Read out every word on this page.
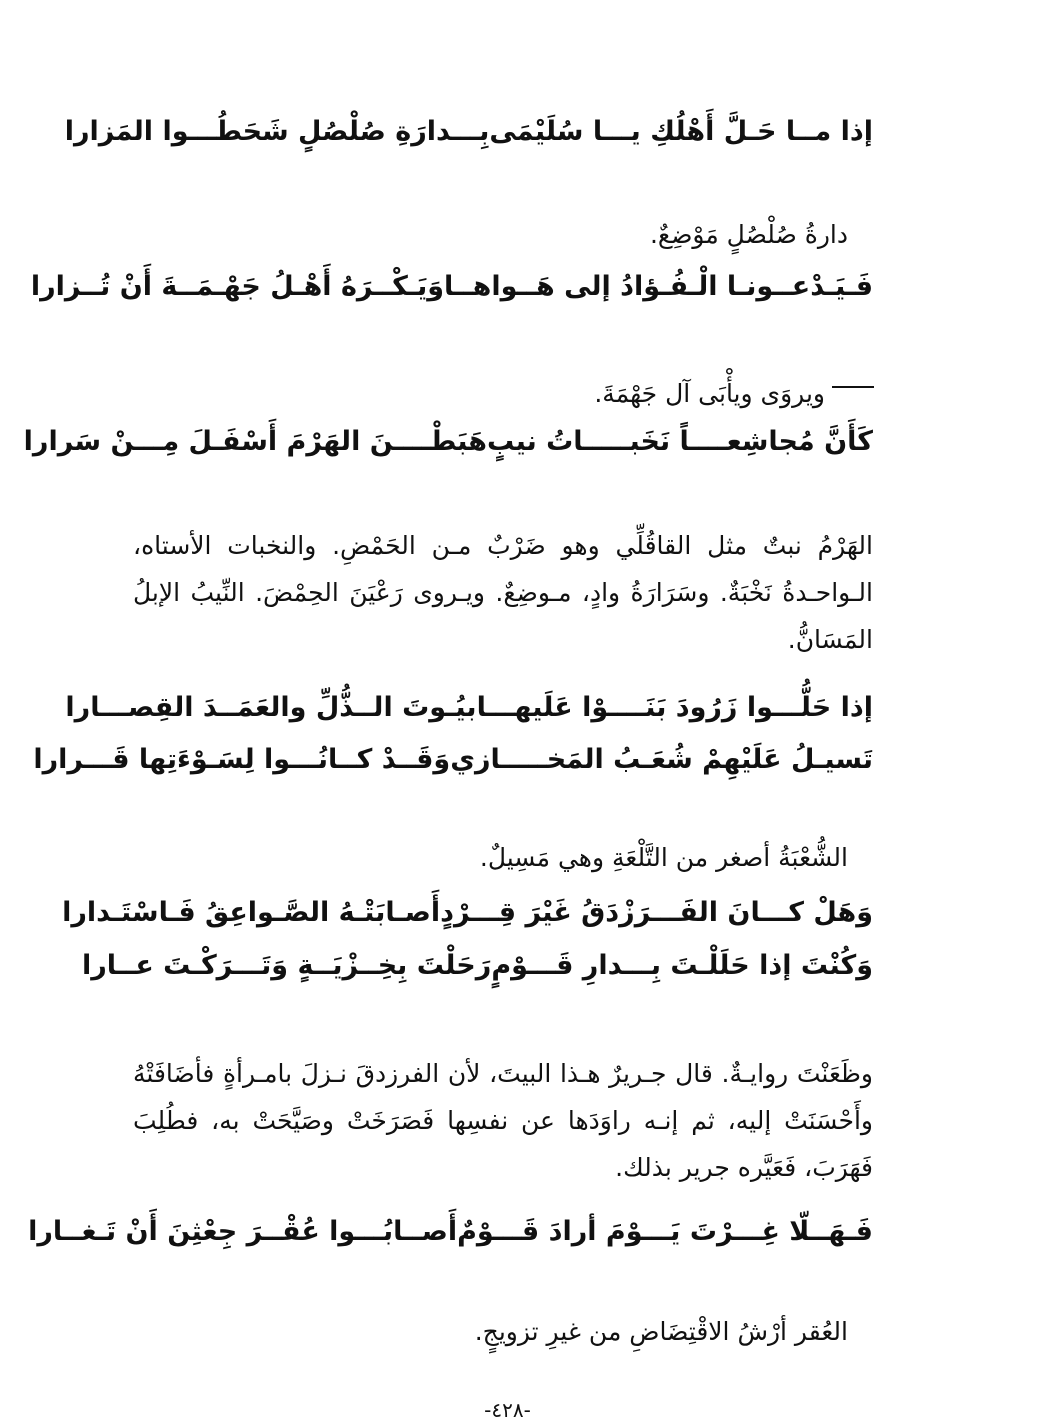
إذا مــا حَـلَّ أَهْلُكِ يـــا سُلَيْمَى
بِـــدارَةِ صُلْصُلٍ شَحَطُـــوا المَزارا
دارةُ صُلْصُلٍ مَوْضِعٌ.
فَـيَـدْعــونـا الْـفُـؤادُ إلى هَــواهــا
وَيَـكْــرَهُ أَهْـلُ جَهْـمَــةَ أَنْ تُــزارا
ويروَى ويأْبَى آل جَهْمَةَ.
كَأَنَّ مُجاشِعــــاً نَخَبـــــاتُ نيبٍ
هَبَطْــــنَ الهَرْمَ أَسْفَـلَ مِـــنْ سَرارا
الهَرْمُ نبتٌ مثل القاقُلِّي وهو ضَرْبٌ مـن الحَمْضِ. والنخبات الأستاه، الـواحـدةُ نَخْبَةٌ. وسَرَارَةُ وادٍ، مـوضِعٌ. ويـروى رَعْيَنَ الحِمْضَ. النِّيبُ الإبلُ المَسَانُّ.
إذا حَلُّـــوا زَرُودَ بَنَــــوْا عَلَيهـــا
بيُـوتَ الــذُّلِّ والعَمَــدَ القِصـــارا
تَسيـلُ عَلَيْهِمْ شُعَـبُ المَخـــــازي
وَقَــدْ كــانُـــوا لِسَـوْءَتِها قَـــرارا
الشُّعْبَةُ أصغر من التَّلْعَةِ وهي مَسِيلٌ.
وَهَلْ كـــانَ الفَـــرَزْدَقُ غَيْرَ قِـــرْدٍ
أَصـابَتْـهُ الصَّـواعِقُ فَـاسْتَـدارا
وَكُنْتَ إذا حَلَلْـتَ بِـــدارِ قَـــوْمٍ
رَحَلْتَ بِخِــزْيَــةٍ وَتَـــرَكْـتَ عــارا
وظَعَنْتَ روايـةٌ. قال جـريرٌ هـذا البيتَ، لأن الفرزدقَ نـزلَ بامـرأةٍ فأضَافَتْهُ وأَحْسَنَتْ إليه، ثم إنـه راوَدَها عن نفسِها فَصَرَخَتْ وصَيَّحَتْ به، فطُلِبَ فَهَرَبَ، فَعَيَّره جرير بذلك.
فَـهَــلّا غِـــرْتَ يَـــوْمَ أرادَ قَـــوْمٌ
أَصــابُـــوا عُقْــرَ جِعْثِنَ أَنْ تَـغــارا
العُقر أرْشُ الاقْتِضَاضِ من غيرِ تزويجٍ.
-٤٢٨-
